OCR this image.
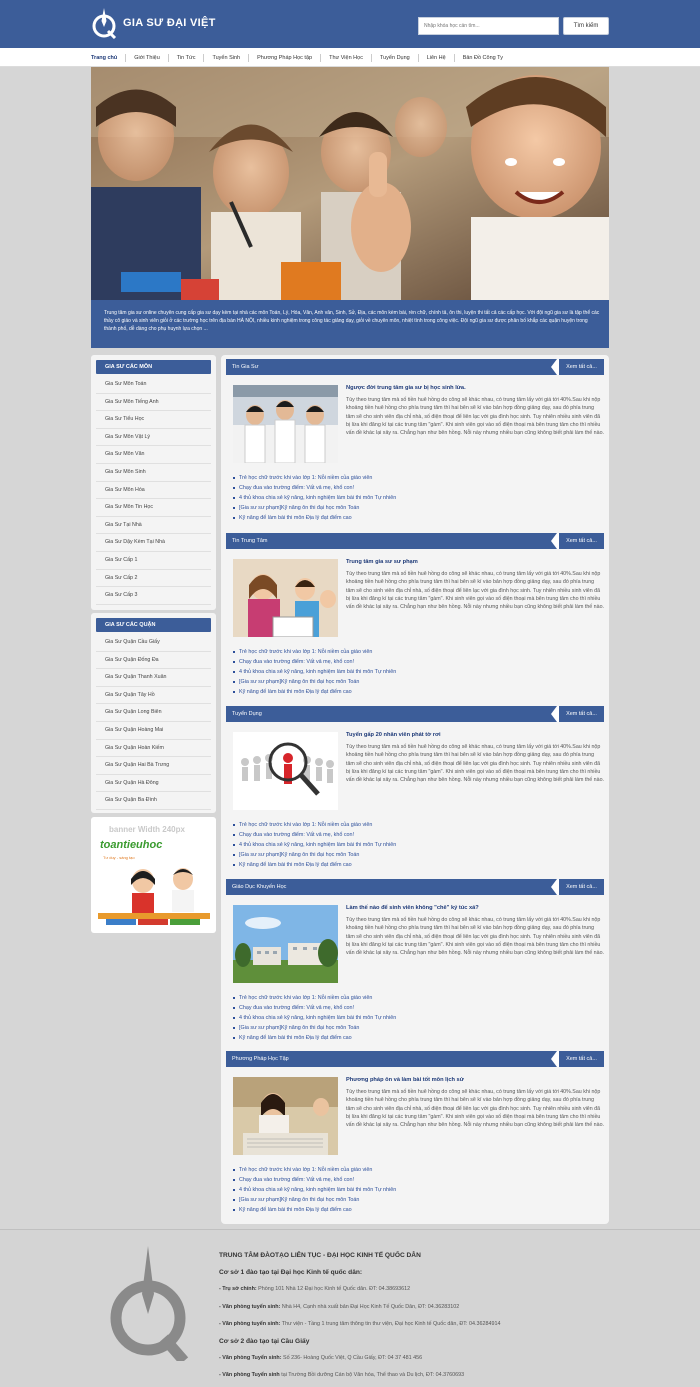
GIA SƯ ĐẠI VIỆT
Nhập khóa học cần tìm...	Tìm kiếm
Trang chủ	Giới Thiệu	Tin Tức	Tuyển Sinh	Phương Pháp Học tập	Thư Viện Học	Tuyển Dụng	Liên Hệ	Bản Đồ Công Ty
Trung tâm gia sư online chuyên cung cấp gia sư dạy kèm tại nhà các môn Toán, Lý, Hóa, Văn, Anh văn, Sinh, Sử, Địa, các môn kèm bài, rèn chữ, chính tả, ôn thi, luyện thi tất cả các cấp học. Với đội ngũ gia sư là tập thể các thầy cô giáo và sinh viên giỏi ở các trường học trên địa bàn HÀ NỘI, nhiều kinh nghiệm trong công tác giảng dạy, giỏi về chuyên môn, nhiệt tình trong công việc. Đội ngũ gia sư được phân bố khắp các quận huyện trong thành phố, dễ dàng cho phụ huynh lựa chọn ...
GIA SƯ CÁC MÔN
Gia Sư Môn Toán
Gia Sư Môn Tiếng Anh
Gia Sư Tiểu Học
Gia Sư Môn Vật Lý
Gia Sư Môn Văn
Gia Sư Môn Sinh
Gia Sư Môn Hóa
Gia Sư Môn Tin Học
Gia Sư Tại Nhà
Gia Sư Dậy Kèm Tại Nhà
Gia Sư Cấp 1
Gia Sư Cấp 2
Gia Sư Cấp 3
GIA SƯ CÁC QUẬN
Gia Sư Quận Cầu Giấy
Gia Sư Quận Đống Đa
Gia Sư Quận Thanh Xuân
Gia Sư Quận Tây Hồ
Gia Sư Quận Long Biên
Gia Sư Quận Hoàng Mai
Gia Sư Quận Hoàn Kiếm
Gia Sư Quận Hai Bà Trưng
Gia Sư Quận Hà Đông
Gia Sư Quận Ba Đình
banner Width 240px
toantieuhoc
Tư duy - sáng tạo
Tin Gia Sư	Xem tất cả...
Ngược đời trung tâm gia sư bị học sinh lừa.
Tùy theo trung tâm mà số tiền huê hồng do công sẽ khác nhau, có trung tâm lấy với giá tới 40%.Sau khi nộp khoảng tiền huê hồng cho phía trung tâm thì hai bên sẽ kí vào bản hợp đồng giảng dạy, sau đó phía trung tâm sẽ cho sinh viên địa chỉ nhà, số điện thoại để liên lạc với gia đình học sinh. Tuy nhiên nhiều sinh viên đã bị lừa khi đăng kí tại các trung tâm "gàm". Khi sinh viên gọi vào số điện thoại mà bên trung tâm cho thì nhiều vấn đề khác lại xảy ra. Chẳng hạn như bên hồng. Nỗi này nhưng nhiều bạn cũng không biết phải làm thế nào.
Trẻ học chữ trước khi vào lớp 1: Nỗi niềm của giáo viên
Chạy đua vào trường điểm: Vất vả mẹ, khổ con!
4 thủ khoa chia sẻ kỹ năng, kinh nghiệm làm bài thi môn Tự nhiên
[Gia sư sư phạm]Kỹ năng ôn thi đại học môn Toán
Kỹ năng để làm bài thi môn Địa lý đạt điểm cao
Tin Trung Tâm	Xem tất cả...
Trung tâm gia sư sư phạm
Tùy theo trung tâm mà số tiền huê hồng do công sẽ khác nhau, có trung tâm lấy với giá tới 40%.Sau khi nộp khoảng tiền huê hồng cho phía trung tâm thì hai bên sẽ kí vào bản hợp đồng giảng dạy, sau đó phía trung tâm sẽ cho sinh viên địa chỉ nhà, số điện thoại để liên lạc với gia đình học sinh. Tuy nhiên nhiều sinh viên đã bị lừa khi đăng kí tại các trung tâm "gàm". Khi sinh viên gọi vào số điện thoại mà bên trung tâm cho thì nhiều vấn đề khác lại xảy ra. Chẳng hạn như bên hồng. Nỗi này nhưng nhiều bạn cũng không biết phải làm thế nào.
Trẻ học chữ trước khi vào lớp 1: Nỗi niềm của giáo viên
Chạy đua vào trường điểm: Vất vả mẹ, khổ con!
4 thủ khoa chia sẻ kỹ năng, kinh nghiệm làm bài thi môn Tự nhiên
[Gia sư sư phạm]Kỹ năng ôn thi đại học môn Toán
Kỹ năng để làm bài thi môn Địa lý đạt điểm cao
Tuyển Dụng	Xem tất cả...
Tuyển gấp 20 nhân viên phát tờ rơi
Tùy theo trung tâm mà số tiền huê hồng do công sẽ khác nhau, có trung tâm lấy với giá tới 40%.Sau khi nộp khoảng tiền huê hồng cho phía trung tâm thì hai bên sẽ kí vào bản hợp đồng giảng dạy, sau đó phía trung tâm sẽ cho sinh viên địa chỉ nhà, số điện thoại để liên lạc với gia đình học sinh. Tuy nhiên nhiều sinh viên đã bị lừa khi đăng kí tại các trung tâm "gàm". Khi sinh viên gọi vào số điện thoại mà bên trung tâm cho thì nhiều vấn đề khác lại xảy ra. Chẳng hạn như bên hồng. Nỗi này nhưng nhiều bạn cũng không biết phải làm thế nào.
Trẻ học chữ trước khi vào lớp 1: Nỗi niềm của giáo viên
Chạy đua vào trường điểm: Vất vả mẹ, khổ con!
4 thủ khoa chia sẻ kỹ năng, kinh nghiệm làm bài thi môn Tự nhiên
[Gia sư sư phạm]Kỹ năng ôn thi đại học môn Toán
Kỹ năng để làm bài thi môn Địa lý đạt điểm cao
Giáo Dục Khuyến Học	Xem tất cả...
Làm thế nào để sinh viên không "chê" ký túc xá?
Tùy theo trung tâm mà số tiền huê hồng do công sẽ khác nhau, có trung tâm lấy với giá tới 40%.Sau khi nộp khoảng tiền huê hồng cho phía trung tâm thì hai bên sẽ kí vào bản hợp đồng giảng dạy, sau đó phía trung tâm sẽ cho sinh viên địa chỉ nhà, số điện thoại để liên lạc với gia đình học sinh. Tuy nhiên nhiều sinh viên đã bị lừa khi đăng kí tại các trung tâm "gàm". Khi sinh viên gọi vào số điện thoại mà bên trung tâm cho thì nhiều vấn đề khác lại xảy ra. Chẳng hạn như bên hồng. Nỗi này nhưng nhiều bạn cũng không biết phải làm thế nào.
Trẻ học chữ trước khi vào lớp 1: Nỗi niềm của giáo viên
Chạy đua vào trường điểm: Vất vả mẹ, khổ con!
4 thủ khoa chia sẻ kỹ năng, kinh nghiệm làm bài thi môn Tự nhiên
[Gia sư sư phạm]Kỹ năng ôn thi đại học môn Toán
Kỹ năng để làm bài thi môn Địa lý đạt điểm cao
Phương Pháp Học Tập	Xem tất cả...
Phương pháp ôn và làm bài tốt môn lịch sử
Tùy theo trung tâm mà số tiền huê hồng do công sẽ khác nhau, có trung tâm lấy với giá tới 40%.Sau khi nộp khoảng tiền huê hồng cho phía trung tâm thì hai bên sẽ kí vào bản hợp đồng giảng dạy, sau đó phía trung tâm sẽ cho sinh viên địa chỉ nhà, số điện thoại để liên lạc với gia đình học sinh. Tuy nhiên nhiều sinh viên đã bị lừa khi đăng kí tại các trung tâm "gàm". Khi sinh viên gọi vào số điện thoại mà bên trung tâm cho thì nhiều vấn đề khác lại xảy ra. Chẳng hạn như bên hồng. Nỗi này nhưng nhiều bạn cũng không biết phải làm thế nào.
Trẻ học chữ trước khi vào lớp 1: Nỗi niềm của giáo viên
Chạy đua vào trường điểm: Vất vả mẹ, khổ con!
4 thủ khoa chia sẻ kỹ năng, kinh nghiệm làm bài thi môn Tự nhiên
[Gia sư sư phạm]Kỹ năng ôn thi đại học môn Toán
Kỹ năng để làm bài thi môn Địa lý đạt điểm cao
TRUNG TÂM ĐÀOTẠO LIÊN TỤC - ĐẠI HỌC KINH TẾ QUỐC DÂN
Cơ sở 1 đào tạo tại Đại học Kinh tế quốc dân:
- Trụ sở chính: Phòng 101 Nhà 12 Đại học Kinh tế Quốc dân. ĐT: 04.38693612
- Văn phòng tuyển sinh: Nhà H4, Cạnh nhà xuất bản Đại Học Kinh Tế Quốc Dân, ĐT: 04.36283102
- Văn phòng tuyển sinh: Thư viện - Tầng 1 trung tâm thông tin thư viện, Đại học Kinh tế Quốc dân, ĐT: 04.36284914
Cơ sở 2 đào tạo tại Cầu Giấy
- Văn phòng Tuyển sinh: Số 236- Hoàng Quốc Việt, Q Cầu Giấy, ĐT: 04 37 481 456
- Văn phòng Tuyển sinh tại Trường Bồi dưỡng Cán bộ Văn hóa, Thể thao và Du lịch, ĐT: 04.3760693
